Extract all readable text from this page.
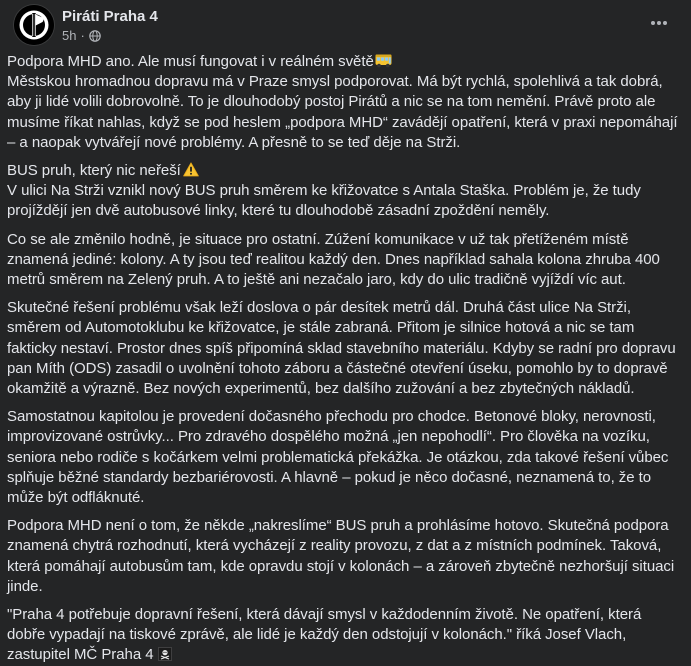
Piráti Praha 4
5h ·

Podpora MHD ano. Ale musí fungovat i v reálném světě
Městskou hromadnou dopravu má v Praze smysl podporovat. Má být rychlá, spolehlivá a tak dobrá,
aby ji lidé volili dobrovolně. To je dlouhodobý postoj Pirátů a nic se na tom nemění. Právě proto ale
musíme říkat nahlas, když se pod heslem „podpora MHD“ zavádějí opatření, která v praxi nepomáhají
– a naopak vytvářejí nové problémy. A přesně to se teď děje na Strži.

BUS pruh, který nic neřeší
V ulici Na Strži vznikl nový BUS pruh směrem ke křižovatce s Antala Staška. Problém je, že tudy
projíždějí jen dvě autobusové linky, které tu dlouhodobě zásadní zpoždění neměly.

Co se ale změnilo hodně, je situace pro ostatní. Zúžení komunikace v už tak přetíženém místě
znamená jediné: kolony. A ty jsou teď realitou každý den. Dnes například sahala kolona zhruba 400
metrů směrem na Zelený pruh. A to ještě ani nezačalo jaro, kdy do ulic tradičně vyjíždí víc aut.

Skutečné řešení problému však leží doslova o pár desítek metrů dál. Druhá část ulice Na Strži,
směrem od Automotoklubu ke křižovatce, je stále zabraná. Přitom je silnice hotová a nic se tam
fakticky nestaví. Prostor dnes spíš připomíná sklad stavebního materiálu. Kdyby se radní pro dopravu
pan Míth (ODS) zasadil o uvolnění tohoto záboru a částečné otevření úseku, pomohlo by to dopravě
okamžitě a výrazně. Bez nových experimentů, bez dalšího zužování a bez zbytečných nákladů.

Samostatnou kapitolou je provedení dočasného přechodu pro chodce. Betonové bloky, nerovnosti,
improvizované ostrůvky... Pro zdravého dospělého možná „jen nepohodlí“. Pro člověka na vozíku,
seniora nebo rodiče s kočárkem velmi problematická překážka. Je otázkou, zda takové řešení vůbec
splňuje běžné standardy bezbariérovosti. A hlavně – pokud je něco dočasné, neznamená to, že to
může být odfláknuté.

Podpora MHD není o tom, že někde „nakreslíme“ BUS pruh a prohlásíme hotovo. Skutečná podpora
znamená chytrá rozhodnutí, která vycházejí z reality provozu, z dat a z místních podmínek. Taková,
která pomáhají autobusům tam, kde opravdu stojí v kolonách – a zároveň zbytečně nezhoršují situaci
jinde.

"Praha 4 potřebuje dopravní řešení, která dávají smysl v každodenním životě. Ne opatření, která
dobře vypadají na tiskové zprávě, ale lidé je každý den odstojují v kolonách." říká Josef Vlach,
zastupitel MČ Praha 4
